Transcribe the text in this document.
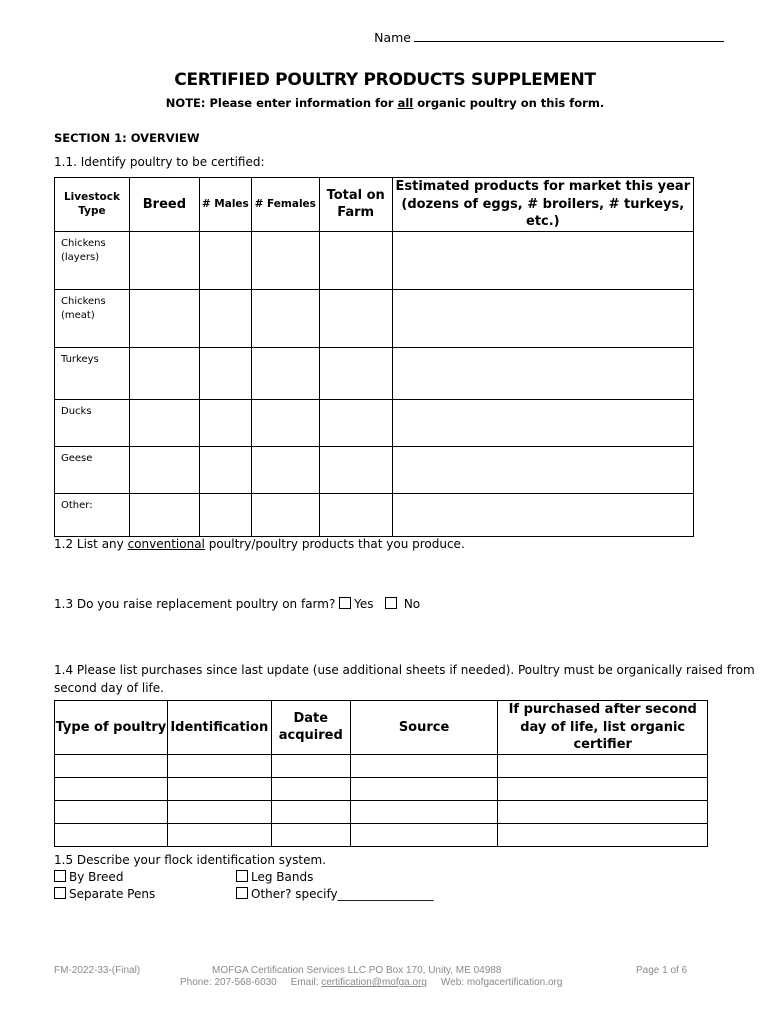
Name
CERTIFIED POULTRY PRODUCTS SUPPLEMENT
NOTE: Please enter information for all organic poultry on this form.
SECTION 1: OVERVIEW
1.1. Identify poultry to be certified:
Livestock Type	Breed	# Males	# Females	Total on Farm	Estimated products for market this year (dozens of eggs, # broilers, # turkeys, etc.)
Chickens (layers)					
Chickens (meat)					
Turkeys					
Ducks					
Geese					
Other:					
1.2 List any conventional poultry/poultry products that you produce.
1.3 Do you raise replacement poultry on farm? Yes	No
1.4 Please list purchases since last update (use additional sheets if needed). Poultry must be organically raised from
second day of life.
Type of poultry	Identification	Date acquired	Source	If purchased after second day of life, list organic certifier

1.5 Describe your flock identification system.
By Breed	Leg Bands
Separate Pens	Other? specify________________
FM-2022-33-(Final)	MOFGA Certification Services LLC PO Box 170, Unity, ME 04988
Phone: 207-568-6030 Email: certification@mofga.org Web: mofgacertification.org
Page 1 of 6
